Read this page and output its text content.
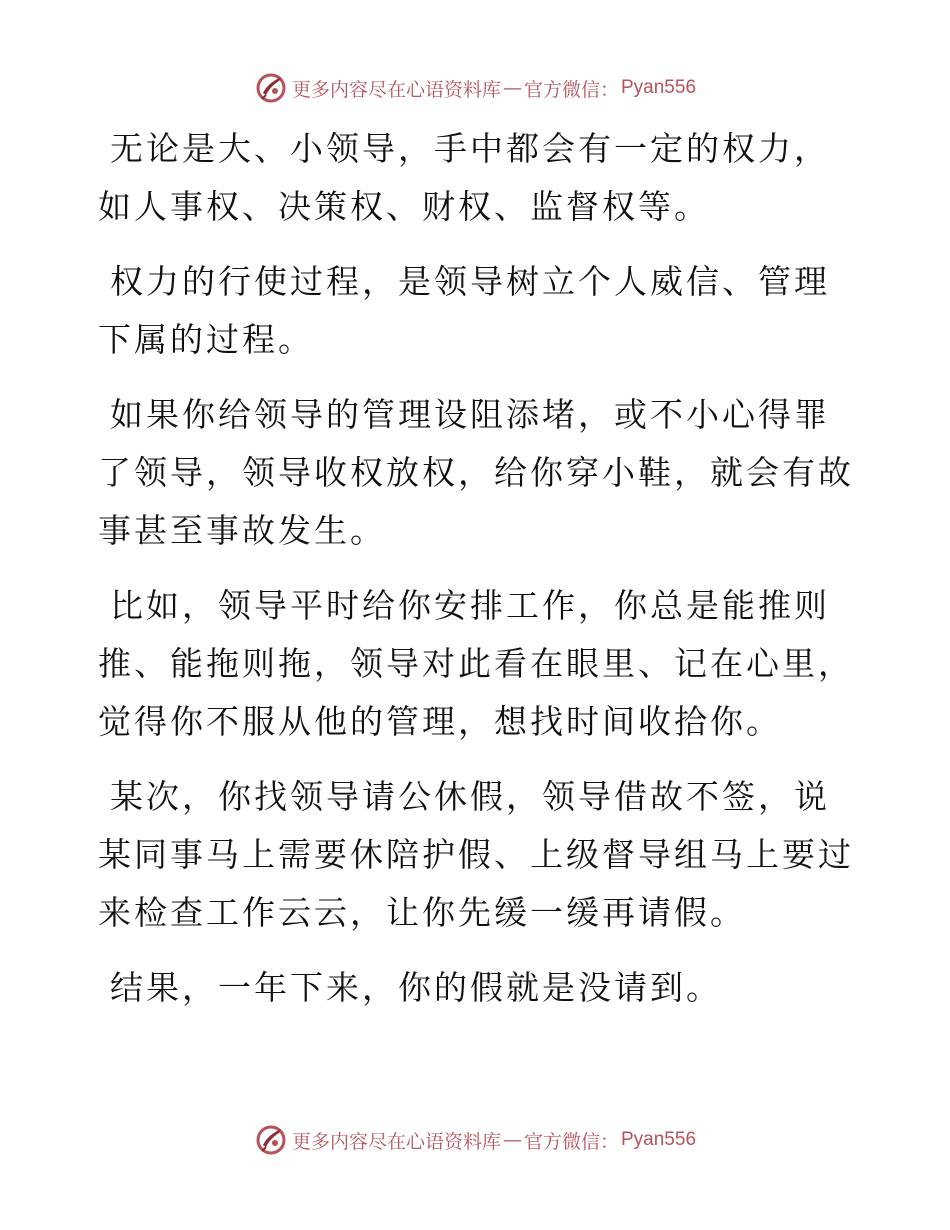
更多内容尽在心语资料库 — 官方微信： Pyan556

无论是大、小领导，手中都会有一定的权力，如人事权、决策权、财权、监督权等。

权力的行使过程，是领导树立个人威信、管理下属的过程。

如果你给领导的管理设阻添堵，或不小心得罪了领导，领导收权放权，给你穿小鞋，就会有故事甚至事故发生。

比如，领导平时给你安排工作，你总是能推则推、能拖则拖，领导对此看在眼里、记在心里，觉得你不服从他的管理，想找时间收拾你。

某次，你找领导请公休假，领导借故不签，说某同事马上需要休陪护假、上级督导组马上要过来检查工作云云，让你先缓一缓再请假。

结果，一年下来，你的假就是没请到。

更多内容尽在心语资料库 — 官方微信： Pyan556
